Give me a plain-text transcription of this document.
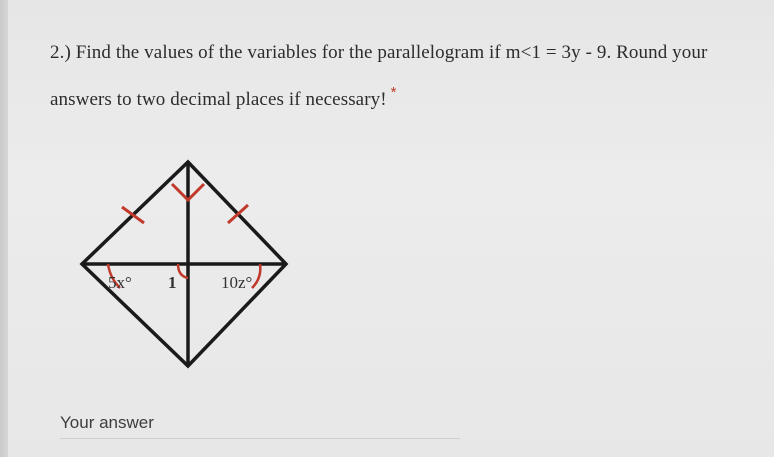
2.) Find the values of the variables for the parallelogram if m<1 = 3y - 9. Round your answers to two decimal places if necessary! *
5x° 1	10z°
Your answer
